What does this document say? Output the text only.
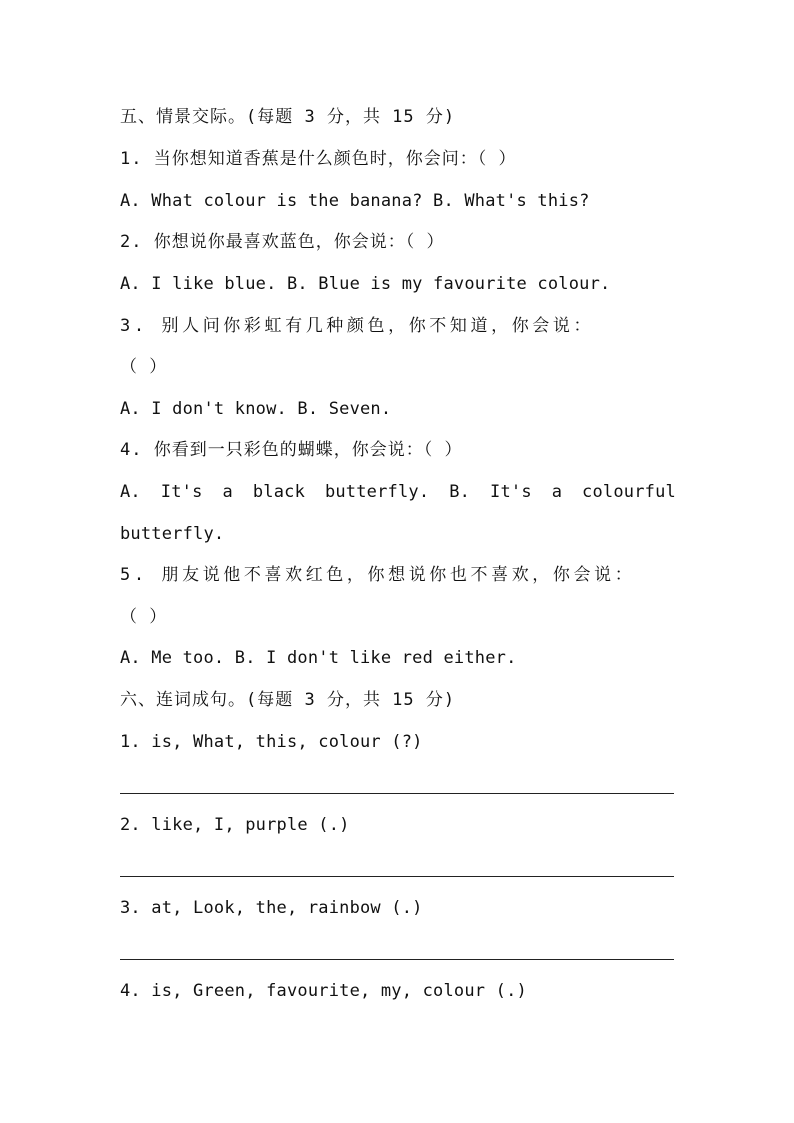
五、情景交际。(每题 3 分，共 15 分)
1. 当你想知道香蕉是什么颜色时，你会问：（ ）
A. What colour is the banana? B. What's this?
2. 你想说你最喜欢蓝色，你会说：（ ）
A. I like blue. B. Blue is my favourite colour.
3. 别人问你彩虹有几种颜色，你不知道，你会说：
（ ）
A. I don't know. B. Seven.
4. 你看到一只彩色的蝴蝶，你会说：（ ）
A. It's a black butterfly. B. It's a colourful
butterfly.
5. 朋友说他不喜欢红色，你想说你也不喜欢，你会说：
（ ）
A. Me too. B. I don't like red either.
六、连词成句。(每题 3 分，共 15 分)
1. is, What, this, colour (?)
2. like, I, purple (.)
3. at, Look, the, rainbow (.)
4. is, Green, favourite, my, colour (.)
